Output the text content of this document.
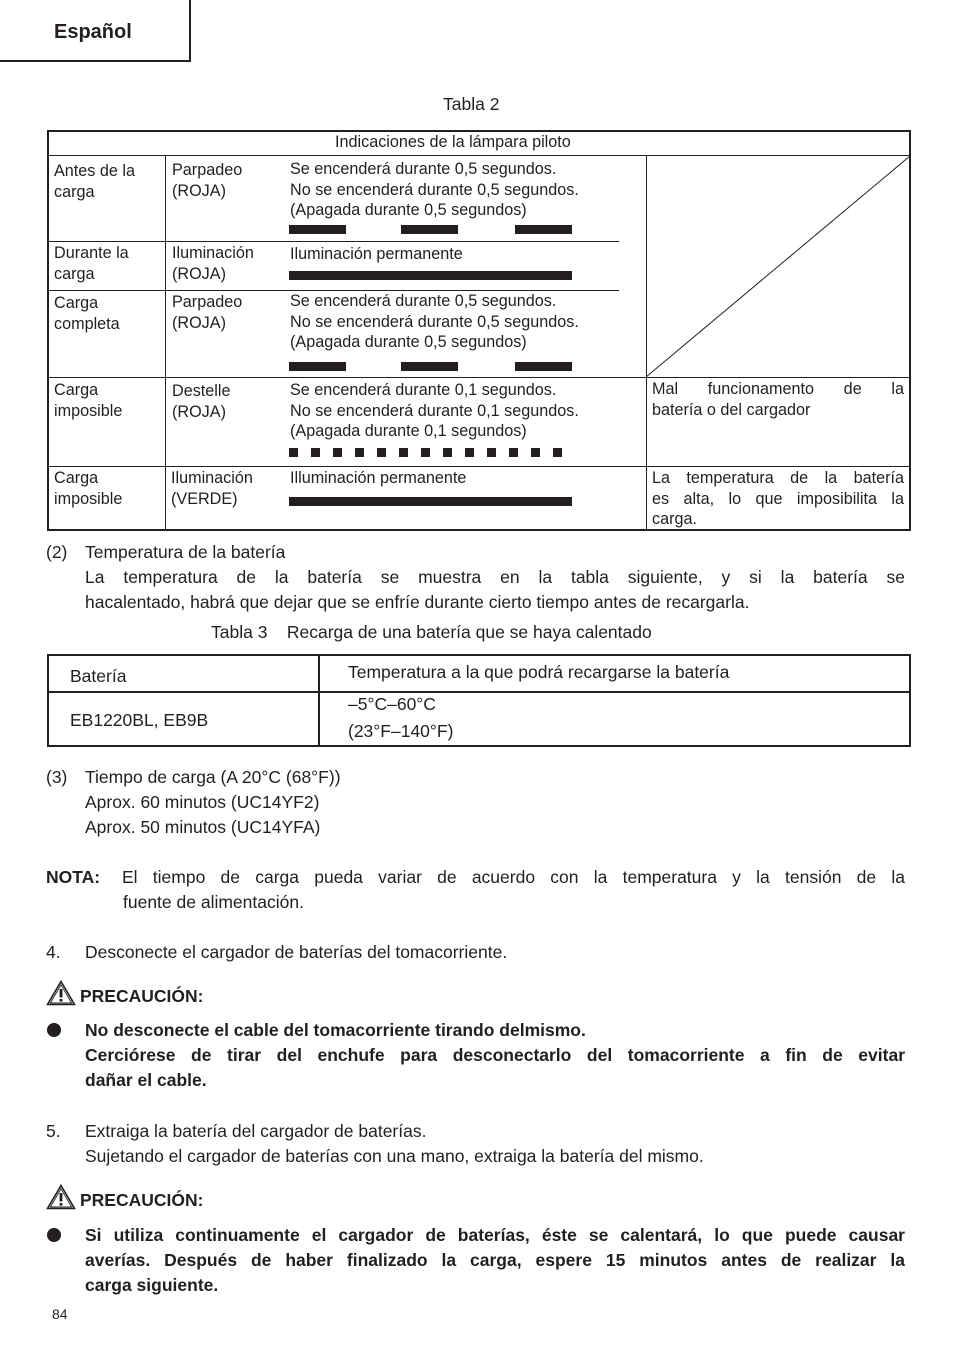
Español
Tabla 2
Indicaciones de la lámpara piloto
Antes de la
carga
Parpadeo
(ROJA)
Se encenderá durante 0,5 segundos.
No se encenderá durante 0,5 segundos.
(Apagada durante 0,5 segundos)
Durante la
carga
Iluminación
(ROJA)
Iluminación permanente
Carga
completa
Parpadeo
(ROJA)
Se encenderá durante 0,5 segundos.
No se encenderá durante 0,5 segundos.
(Apagada durante 0,5 segundos)
Carga
imposible
Destelle
(ROJA)
Se encenderá durante 0,1 segundos.
No se encenderá durante 0,1 segundos.
(Apagada durante 0,1 segundos)
Mal funcionamento de la
batería o del cargador
Carga
imposible
Iluminación
(VERDE)
Illuminación permanente	La temperatura de la batería
es alta, lo que imposibilita la
carga.
(2) Temperatura de la batería
La temperatura de la batería se muestra en la tabla siguiente, y si la batería se
hacalentado, habrá que dejar que se enfríe durante cierto tiempo antes de recargarla.
Tabla 3    Recarga de una batería que se haya calentado
Batería	Temperatura a la que podrá recargarse la batería
EB1220BL, EB9B
–5°C–60°C
(23°F–140°F)
(3) Tiempo de carga (A 20°C (68°F))
Aprox. 60 minutos (UC14YF2)
Aprox. 50 minutos (UC14YFA)
NOTA: El tiempo de carga pueda variar de acuerdo con la temperatura y la tensión de la
fuente de alimentación.
4. Desconecte el cargador de baterías del tomacorriente.
PRECAUCIÓN:
No desconecte el cable del tomacorriente tirando delmismo.
Cerciórese de tirar del enchufe para desconectarlo del tomacorriente a fin de evitar
dañar el cable.
5. Extraiga la batería del cargador de baterías.
Sujetando el cargador de baterías con una mano, extraiga la batería del mismo.
PRECAUCIÓN:
Si utiliza continuamente el cargador de baterías, éste se calentará, lo que puede causar
averías. Después de haber finalizado la carga, espere 15 minutos antes de realizar la
carga siguiente.
84
